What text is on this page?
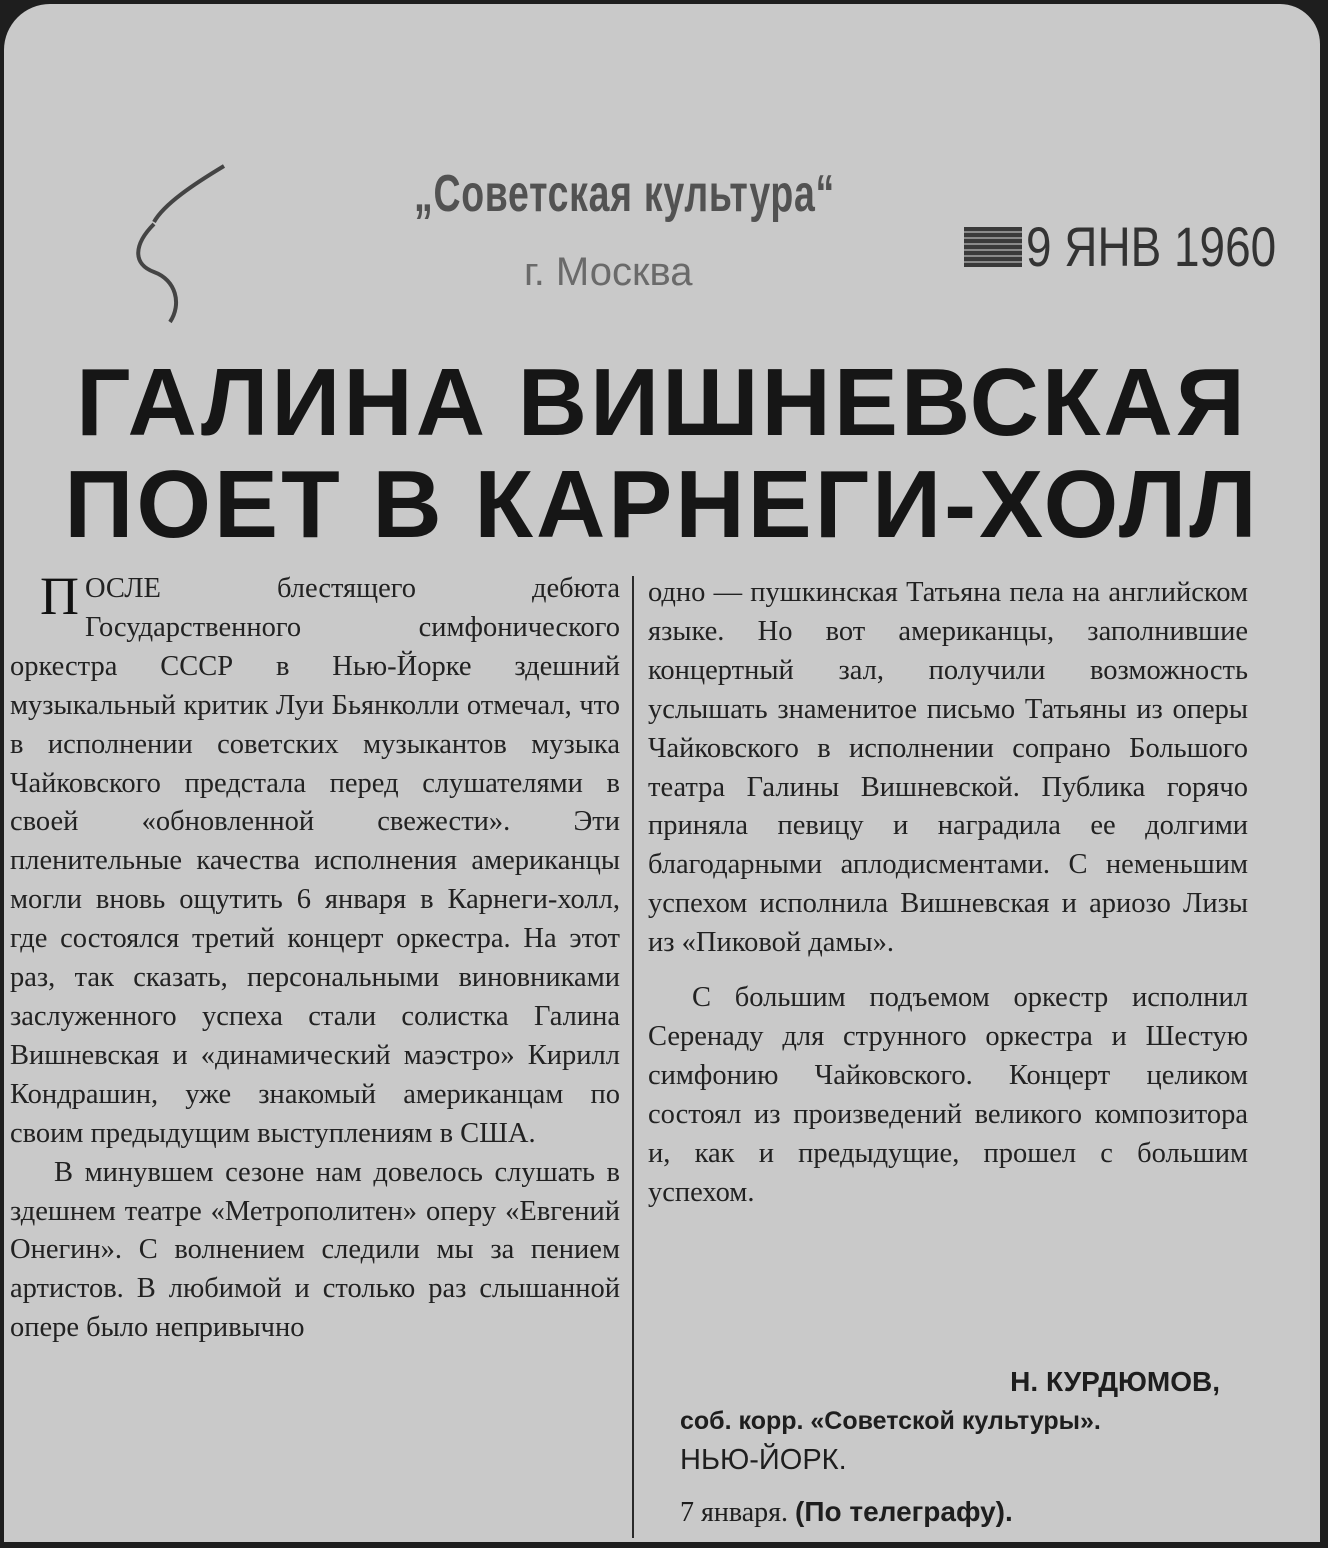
„Советская культура“
г. Москва	9 ЯНВ 1960
ГАЛИНА ВИШНЕВСКАЯ
ПОЕТ В КАРНЕГИ-ХОЛЛ

ПОСЛЕ блестящего дебюта Государственного симфонического оркестра СССР в Нью-Йорке здешний музыкальный критик Луи Бьянколли отмечал, что в исполнении советских музыкантов музыка Чайковского предстала перед слушателями в своей «обновленной свежести». Эти пленительные качества исполнения американцы могли вновь ощутить 6 января в Карнеги-холл, где состоялся третий концерт оркестра. На этот раз, так сказать, персональными виновниками заслуженного успеха стали солистка Галина Вишневская и «динамический маэстро» Кирилл Кондрашин, уже знакомый американцам по своим предыдущим выступлениям в США.

В минувшем сезоне нам довелось слушать в здешнем театре «Метрополитен» оперу «Евгений Онегин». С волнением следили мы за пением артистов. В любимой и столько раз слышанной опере было непривычно

одно — пушкинская Татьяна пела на английском языке. Но вот американцы, заполнившие концертный зал, получили возможность услышать знаменитое письмо Татьяны из оперы Чайковского в исполнении сопрано Большого театра Галины Вишневской. Публика горячо приняла певицу и наградила ее долгими благодарными аплодисментами. С неменьшим успехом исполнила Вишневская и ариозо Лизы из «Пиковой дамы».

С большим подъемом оркестр исполнил Серенаду для струнного оркестра и Шестую симфонию Чайковского. Концерт целиком состоял из произведений великого композитора и, как и предыдущие, прошел с большим успехом.

Н. КУРДЮМОВ,
соб. корр. «Советской культуры».
НЬЮ-ЙОРК.
7 января. (По телеграфу).
